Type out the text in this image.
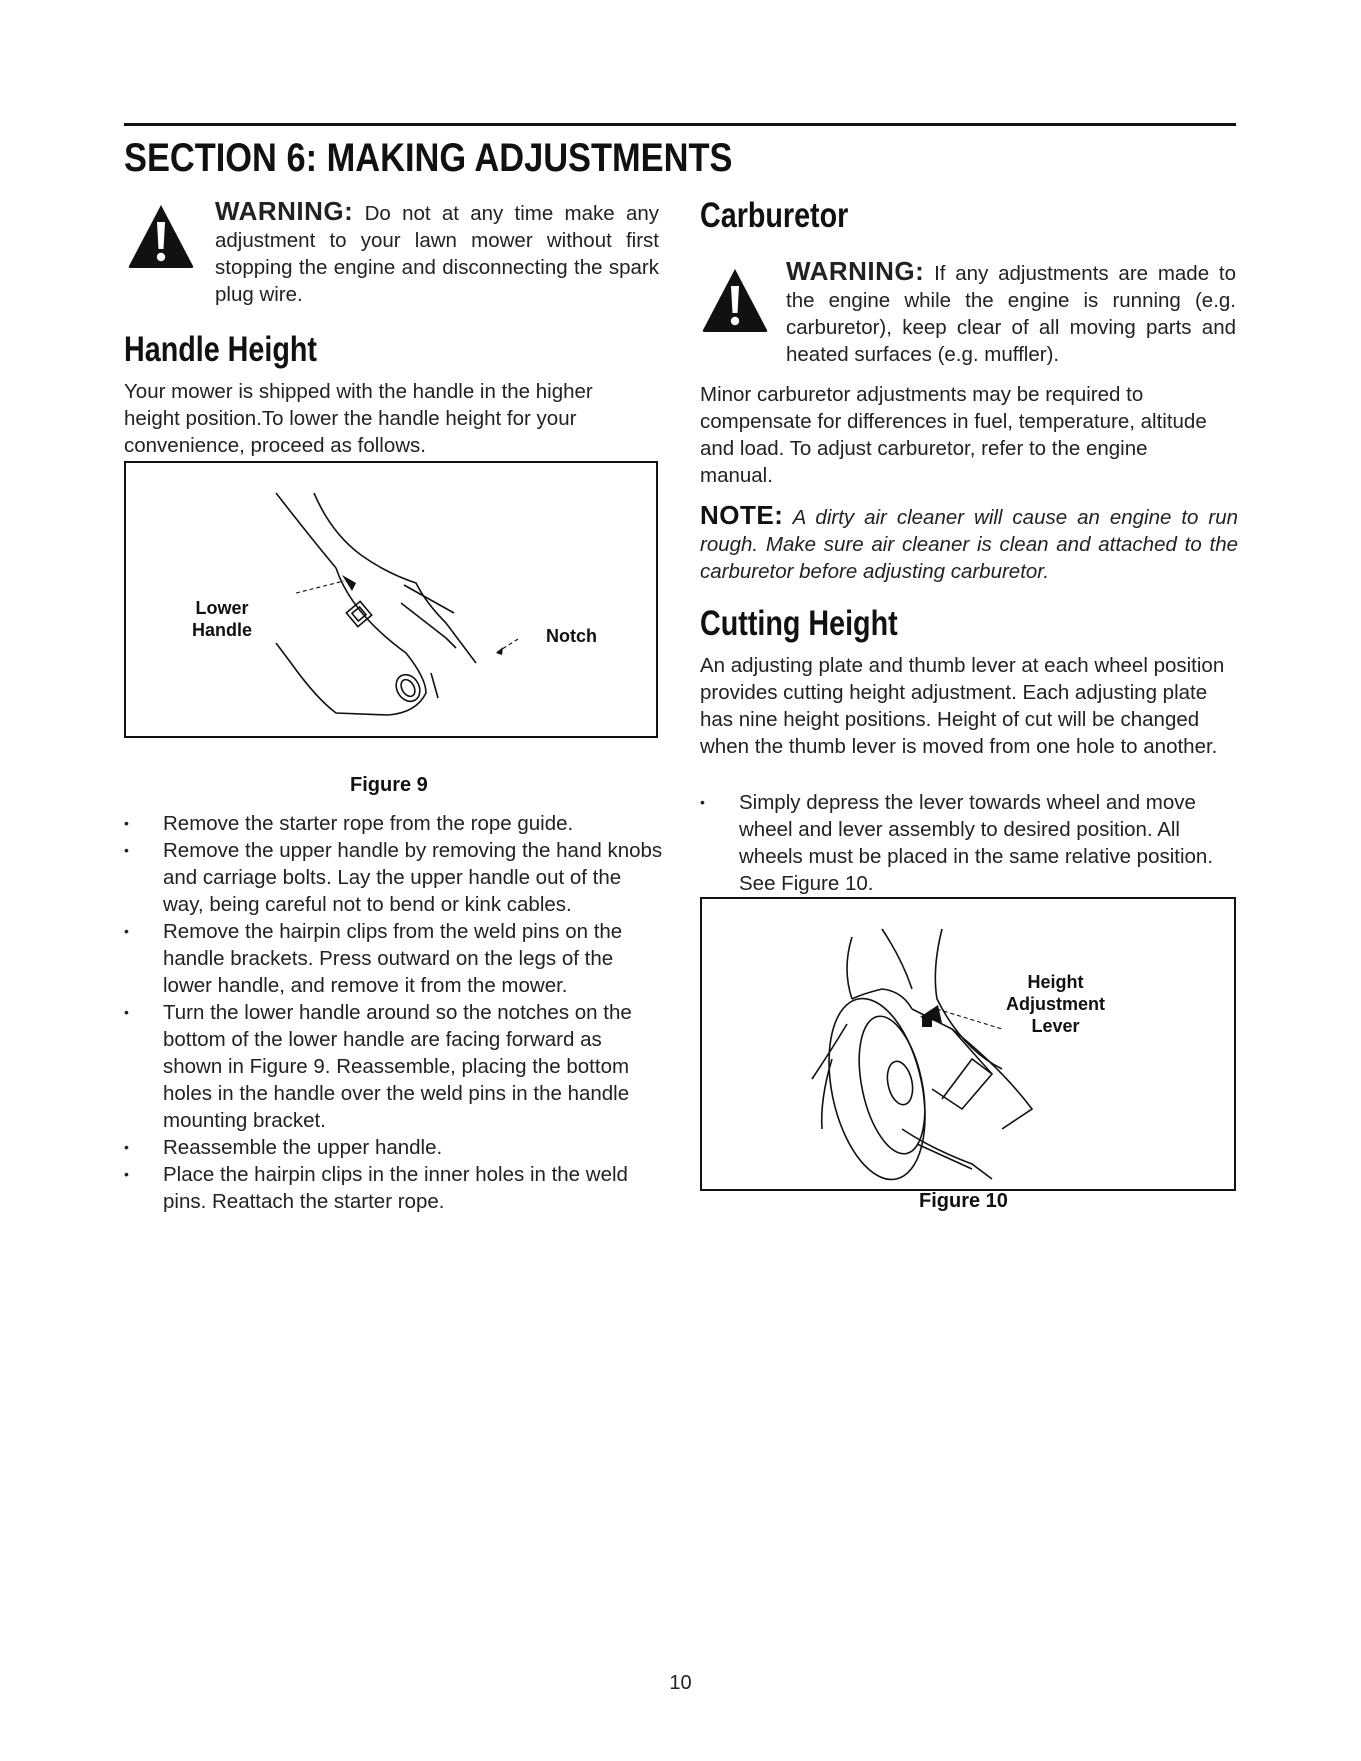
SECTION 6: MAKING ADJUSTMENTS
WARNING: Do not at any time make any adjustment to your lawn mower without first stopping the engine and disconnecting the spark plug wire.
Handle Height

Your mower is shipped with the handle in the higher height position.To lower the handle height for your convenience, proceed as follows.

Lower
Handle	Notch
Figure 9
• Remove the starter rope from the rope guide.
• Remove the upper handle by removing the hand knobs and carriage bolts. Lay the upper handle out of the way, being careful not to bend or kink cables.
• Remove the hairpin clips from the weld pins on the handle brackets. Press outward on the legs of the lower handle, and remove it from the mower.
• Turn the lower handle around so the notches on the bottom of the lower handle are facing forward as shown in Figure 9. Reassemble, placing the bottom holes in the handle over the weld pins in the handle mounting bracket.
• Reassemble the upper handle.
• Place the hairpin clips in the inner holes in the weld pins. Reattach the starter rope.
Carburetor
WARNING: If any adjustments are made to the engine while the engine is running (e.g. carburetor), keep clear of all moving parts and heated surfaces (e.g. muffler).

Minor carburetor adjustments may be required to compensate for differences in fuel, temperature, altitude and load. To adjust carburetor, refer to the engine manual.

NOTE: A dirty air cleaner will cause an engine to run rough. Make sure air cleaner is clean and attached to the carburetor before adjusting carburetor.

Cutting Height

An adjusting plate and thumb lever at each wheel position provides cutting height adjustment. Each adjusting plate has nine height positions. Height of cut will be changed when the thumb lever is moved from one hole to another.

• Simply depress the lever towards wheel and move wheel and lever assembly to desired position. All wheels must be placed in the same relative position. See Figure 10.
Height
Adjustment
Lever
Figure 10
10
